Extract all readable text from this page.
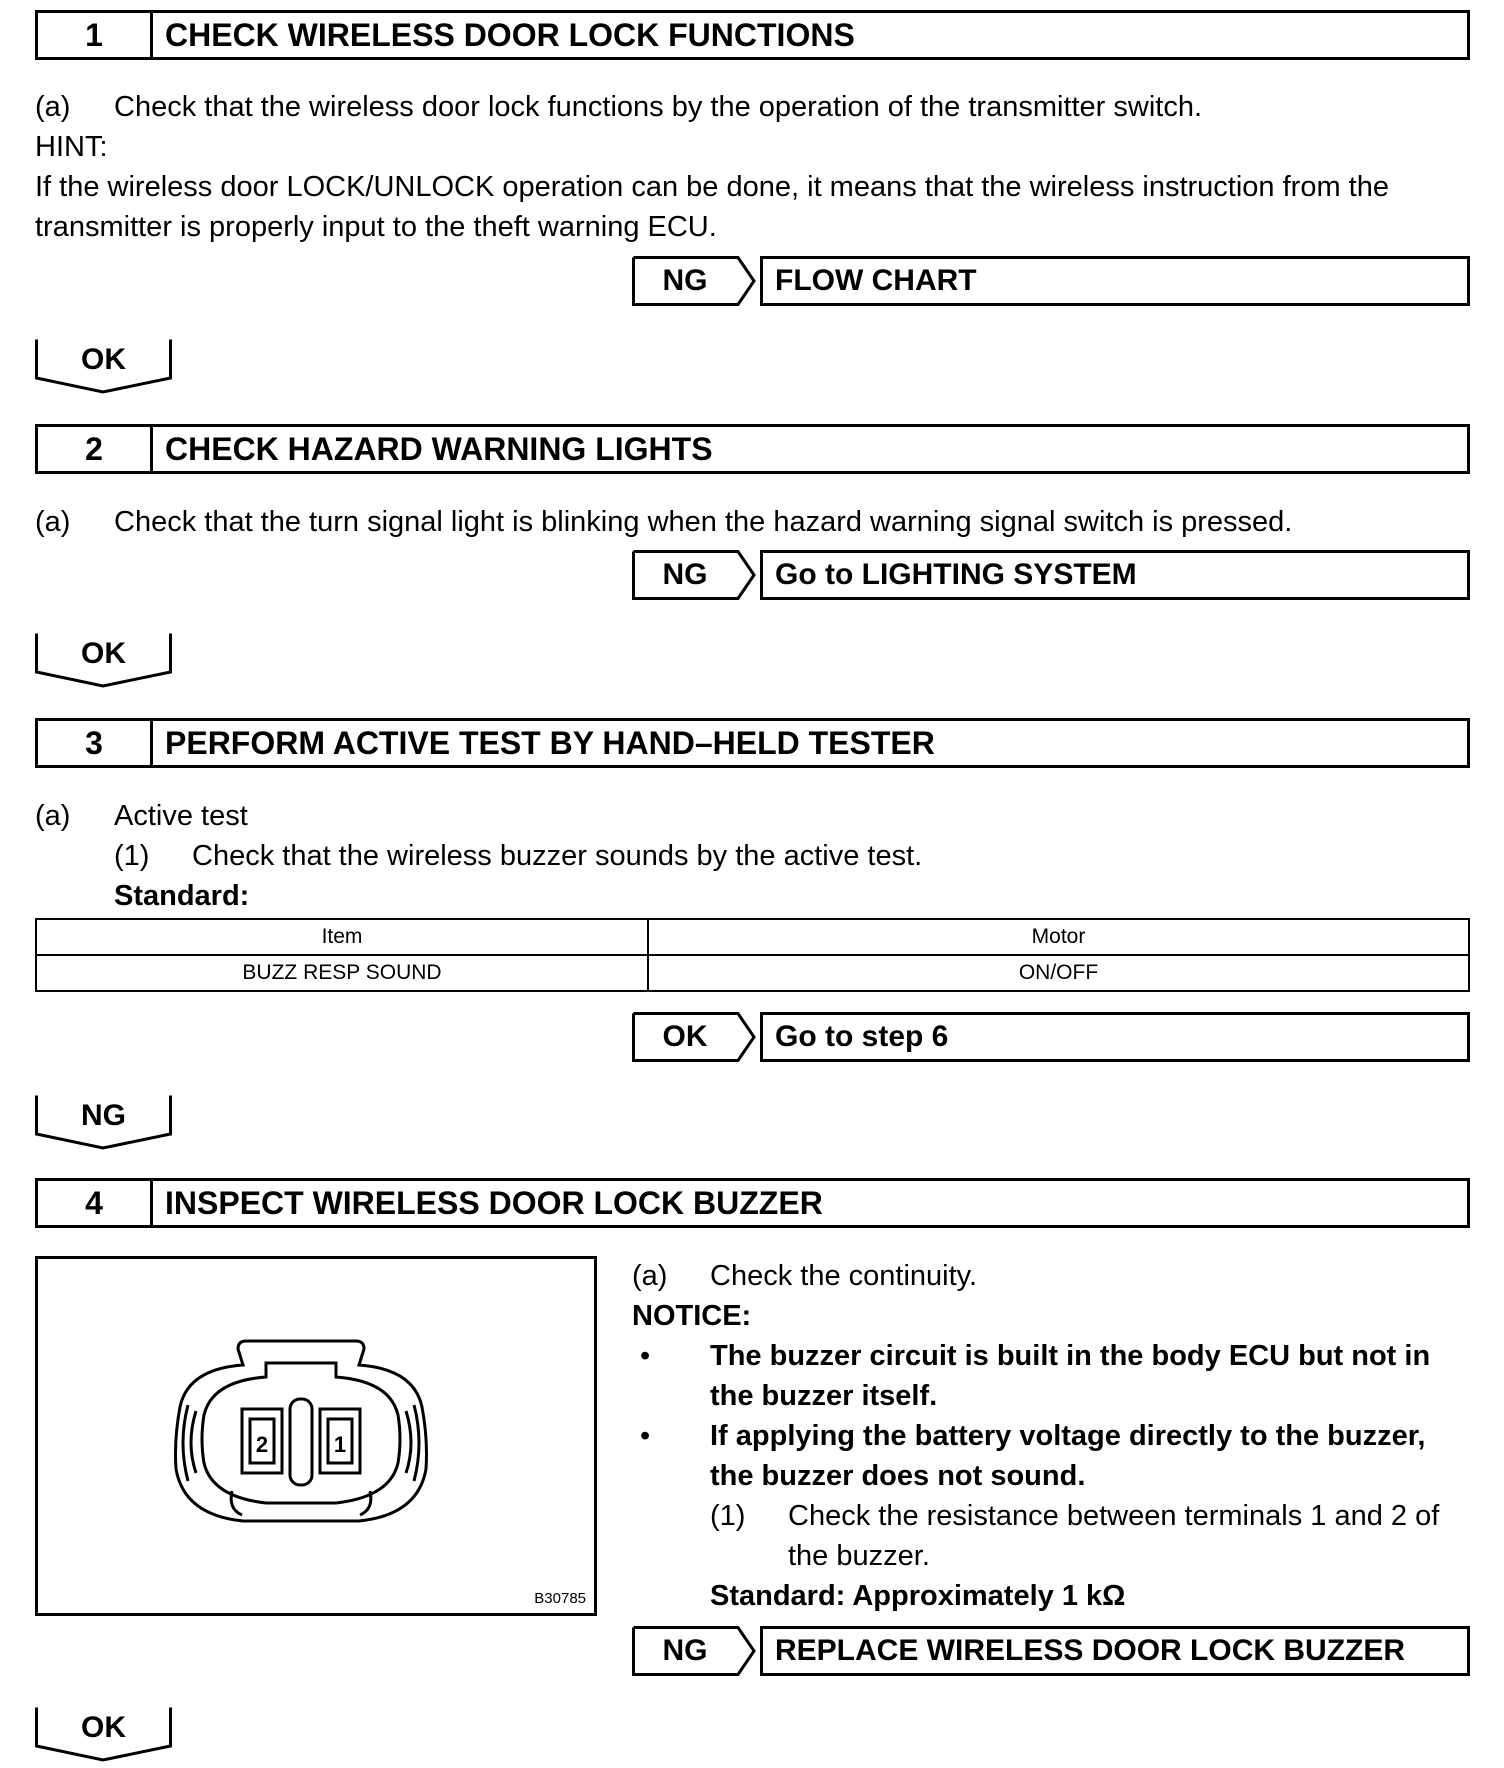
1	CHECK WIRELESS DOOR LOCK FUNCTIONS
(a) Check that the wireless door lock functions by the operation of the transmitter switch.
HINT:
If the wireless door LOCK/UNLOCK operation can be done, it means that the wireless instruction from the
transmitter is properly input to the theft warning ECU.
NG	FLOW CHART
OK
2	CHECK HAZARD WARNING LIGHTS
(a) Check that the turn signal light is blinking when the hazard warning signal switch is pressed.
NG	Go to LIGHTING SYSTEM
OK
3	PERFORM ACTIVE TEST BY HAND–HELD TESTER
(a) Active test
(1) Check that the wireless buzzer sounds by the active test.
Standard:
Item	Motor
BUZZ RESP SOUND	ON/OFF
OK	Go to step 6
NG
4	INSPECT WIRELESS DOOR LOCK BUZZER
2	1
B30785
(a) Check the continuity.
NOTICE:
• The buzzer circuit is built in the body ECU but not in
the buzzer itself.
• If applying the battery voltage directly to the buzzer,
the buzzer does not sound.
(1) Check the resistance between terminals 1 and 2 of
the buzzer.
Standard: Approximately 1 kΩ
NG	REPLACE WIRELESS DOOR LOCK BUZZER
OK
